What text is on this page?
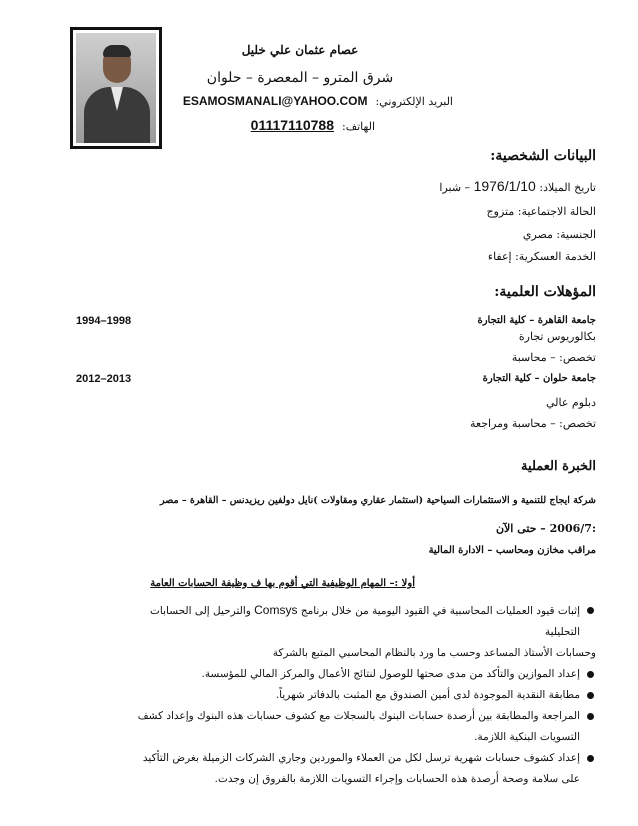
عصام عثمان علي خليل
شرق المترو – المعصرة – حلوان
البريد الإلكتروني:ESAMOSMANALI@YAHOO.COM
الهاتف:01117110788
البيانات الشخصية:
تاريخ الميلاد: 1976/1/10 – شبرا
الحالة الاجتماعية: متزوج
الجنسية: مصري
الخدمة العسكرية: إعفاء
المؤهلات العلمية:
جامعة القاهرة – كلية التجارة
1994–1998
بكالوريوس تجارة
تخصص: – محاسبة
جامعة حلوان – كلية التجارة
2012–2013
دبلوم عالي
تخصص: – محاسبة ومراجعة
الخبرة العملية
شركة ايجاج للتنمية و الاستثمارات السياحية (استثمار عقاري ومقاولات )نايل دولفين ريزيدنس – القاهرة – مصر
:2006/7 – حتى الآن
مراقب مخازن ومحاسب – الادارة المالية
أولا :– المهام الوظيفية التي أقوم بها ف وظيفة الحسابات العامة
إثبات قيود العمليات المحاسبية في القيود اليومية من خلال برنامج Comsys والترحيل إلى الحسابات
التحليلية
وحسابات الأستاذ المساعد وحسب ما ورد بالنظام المحاسبي المتبع بالشركة
إعداد الموازين والتأكد من مدى صحتها للوصول لنتائج الأعمال والمركز المالي للمؤسسة.
مطابقة النقدية الموجودة لدى أمين الصندوق مع المثبت بالدفاتر شهرياً.
المراجعة والمطابقة بين أرصدة حسابات البنوك بالسجلات مع كشوف حسابات هذه البنوك وإعداد كشف
التسويات البنكية اللازمة.
إعداد كشوف حسابات شهرية ترسل لكل من العملاء والموردين وجاري الشركات الزميلة بغرض التأكيد
على سلامة وصحة أرصدة هذه الحسابات وإجراء التسويات اللازمة بالفروق إن وجدت.
